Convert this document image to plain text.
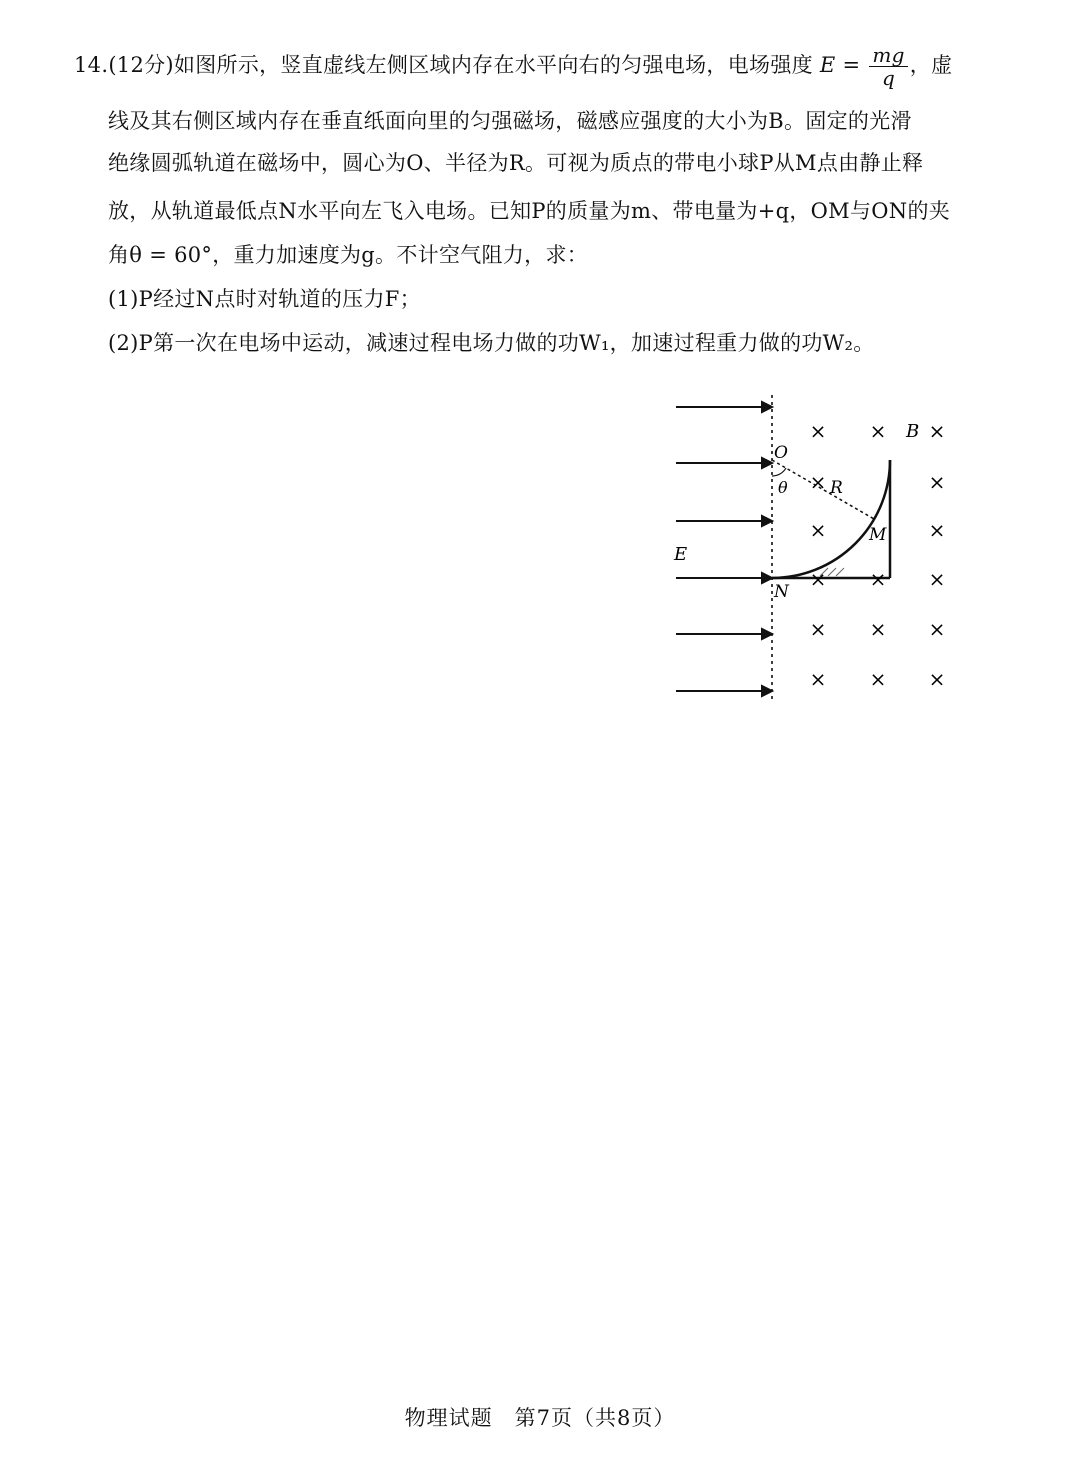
14.(12分)如图所示，竖直虚线左侧区域内存在水平向右的匀强电场，电场强度 $E = \frac{mg}{q}$ ，虚
线及其右侧区域内存在垂直纸面向里的匀强磁场，磁感应强度的大小为B。固定的光滑
绝缘圆弧轨道在磁场中，圆心为O、半径为R。可视为质点的带电小球P从M点由静止释
放，从轨道最低点N水平向左飞入电场。已知P的质量为m、带电量为+q，OM与ON的夹
角θ = 60°，重力加速度为g。不计空气阻力，求：
(1)P经过N点时对轨道的压力F；
(2)P第一次在电场中运动，减速过程电场力做的功W₁，加速过程重力做的功W₂。
E
B
O
θ R
M
N
× × ×
×	×
×	×
× × ×
× × ×
× × ×
物理试题　第7页（共8页）
